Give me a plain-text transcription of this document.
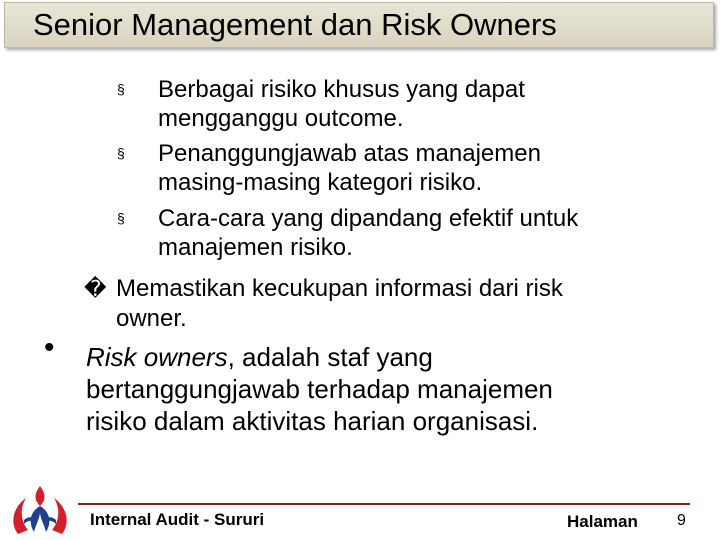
Senior Management dan Risk Owners
§ Berbagai risiko khusus yang dapat
mengganggu outcome.
§ Penanggungjawab atas manajemen
masing-masing kategori risiko.
§ Cara-cara yang dipandang efektif untuk
manajemen risiko.
� Memastikan kecukupan informasi dari risk
owner.
• Risk owners, adalah staf yang
bertanggungjawab terhadap manajemen
risiko dalam aktivitas harian organisasi.
Internal Audit - Sururi	Halaman 9
